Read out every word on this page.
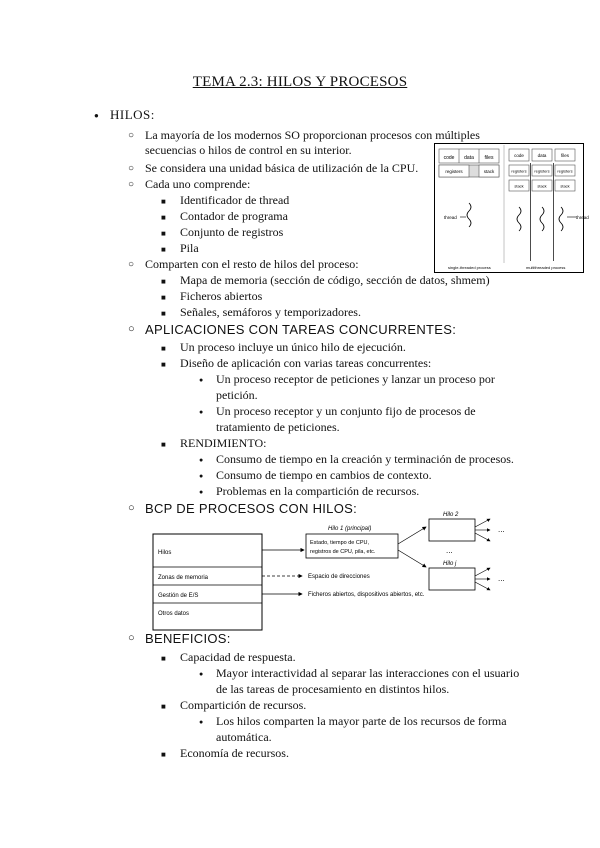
TEMA 2.3: HILOS Y PROCESOS
● HILOS:
○ La mayoría de los modernos SO proporcionan procesos con múltiples
secuencias o hilos de control en su interior.
○ Se considera una unidad básica de utilización de la CPU.
○ Cada uno comprende:
■ Identificador de thread
■ Contador de programa
■ Conjunto de registros
■ Pila
○ Comparten con el resto de hilos del proceso:
■ Mapa de memoria (sección de código, sección de datos, shmem)
■ Ficheros abiertos
■ Señales, semáforos y temporizadores.
code data files
registers	stack
thread
single-threaded process
code	data	files
registers registers registers
stack	stack	stack
thread
multithreaded process
○ APLICACIONES CON TAREAS CONCURRENTES:
■ Un proceso incluye un único hilo de ejecución.
■ Diseño de aplicación con varias tareas concurrentes:
● Un proceso receptor de peticiones y lanzar un proceso por
petición.
● Un proceso receptor y un conjunto fijo de procesos de
tratamiento de peticiones.
■ RENDIMIENTO:
● Consumo de tiempo en la creación y terminación de procesos.
● Consumo de tiempo en cambios de contexto.
● Problemas en la compartición de recursos.
○ BCP DE PROCESOS CON HILOS:
Hilos
Zonas de memoria
Gestión de E/S
Otros datos
Hilo 1 (principal)
Estado, tiempo de CPU,
registros de CPU, pila, etc.
Hilo 2
...
...
Hilo j
...
Espacio de direcciones
Ficheros abiertos, dispositivos abiertos, etc.
○ BENEFICIOS:
■ Capacidad de respuesta.
● Mayor interactividad al separar las interacciones con el usuario
de las tareas de procesamiento en distintos hilos.
■ Compartición de recursos.
● Los hilos comparten la mayor parte de los recursos de forma
automática.
■ Economía de recursos.
